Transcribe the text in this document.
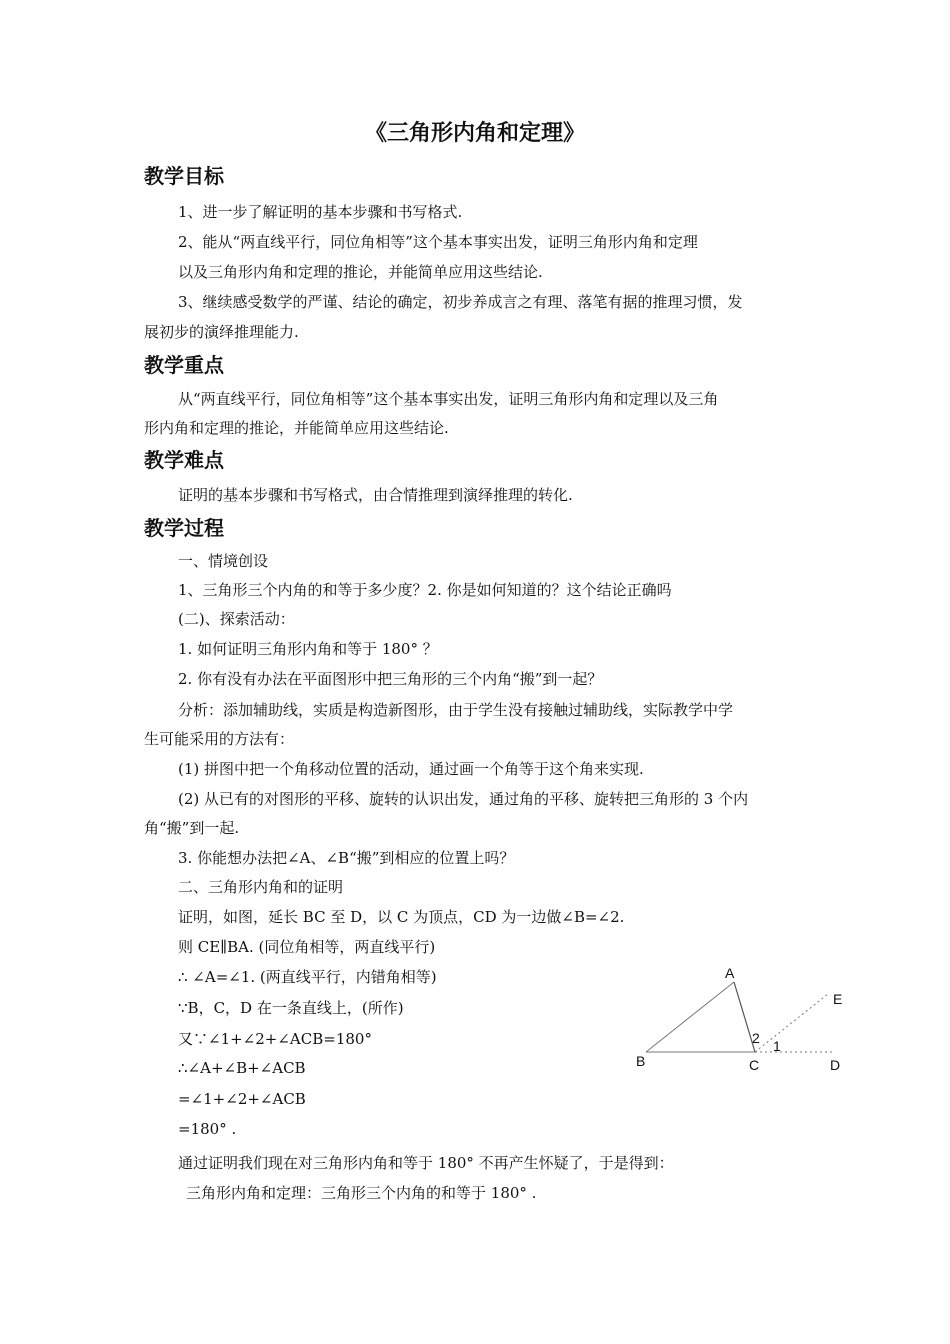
《三角形内角和定理》
教学目标
1、进一步了解证明的基本步骤和书写格式.
2、能从“两直线平行，同位角相等”这个基本事实出发，证明三角形内角和定理
以及三角形内角和定理的推论，并能简单应用这些结论.
3、继续感受数学的严谨、结论的确定，初步养成言之有理、落笔有据的推理习惯，发
展初步的演绎推理能力.
教学重点
从“两直线平行，同位角相等”这个基本事实出发，证明三角形内角和定理以及三角
形内角和定理的推论，并能简单应用这些结论.
教学难点
证明的基本步骤和书写格式，由合情推理到演绎推理的转化.
教学过程
一、情境创设
1、三角形三个内角的和等于多少度？2. 你是如何知道的？这个结论正确吗
(二)、探索活动：
1. 如何证明三角形内角和等于 180° ？
2. 你有没有办法在平面图形中把三角形的三个内角“搬”到一起？
分析：添加辅助线，实质是构造新图形，由于学生没有接触过辅助线，实际教学中学
生可能采用的方法有：
(1) 拼图中把一个角移动位置的活动，通过画一个角等于这个角来实现.
(2) 从已有的对图形的平移、旋转的认识出发，通过角的平移、旋转把三角形的 3 个内
角“搬”到一起.
3. 你能想办法把∠A、∠B“搬”到相应的位置上吗？
二、三角形内角和的证明
证明，如图，延长 BC 至 D，以 C 为顶点，CD 为一边做∠B=∠2.
则 CE∥BA. (同位角相等，两直线平行)
∴ ∠A=∠1. (两直线平行，内错角相等)
∵B，C，D 在一条直线上，(所作)
又∵∠1+∠2+∠ACB=180°
∴∠A+∠B+∠ACB
=∠1+∠2+∠ACB
=180° .
通过证明我们现在对三角形内角和等于 180° 不再产生怀疑了，于是得到：
三角形内角和定理：三角形三个内角的和等于 180° .
A
B	C	D
E
1
2
